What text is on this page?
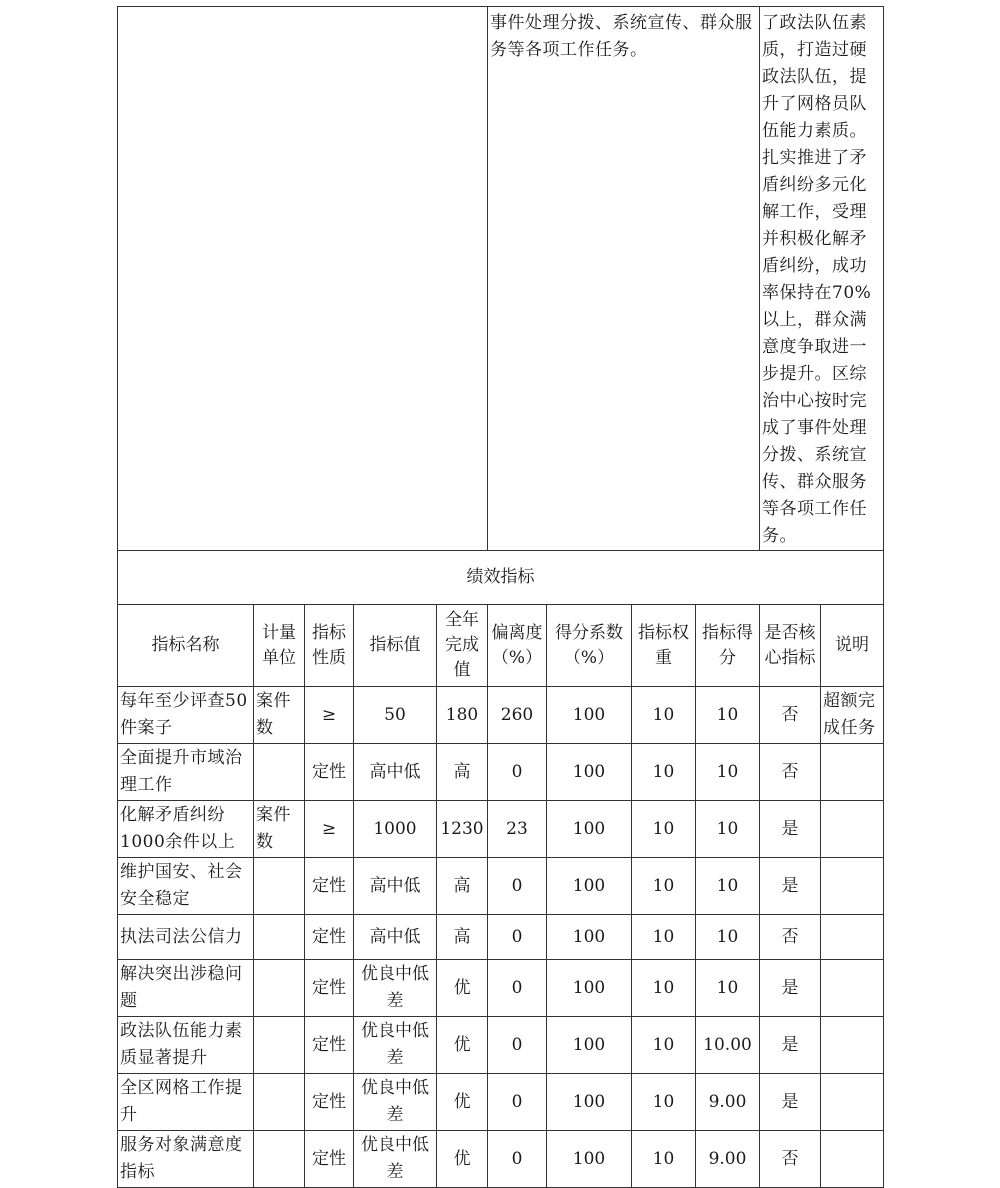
					事件处理分拨、系统宣传、群众服务等各项工作任务。				了政法队伍素质，打造过硬政法队伍，提升了网格员队伍能力素质。扎实推进了矛盾纠纷多元化解工作，受理并积极化解矛盾纠纷，成功率保持在70%以上，群众满意度争取进一步提升。区综治中心按时完成了事件处理分拨、系统宣传、群众服务等各项工作任务。	
绩效指标										
指标名称	计量单位	指标性质	指标值	全年完成值	偏离度（%）	得分系数（%）	指标权重	指标得分	是否核心指标	说明
每年至少评查50件案子	案件数	≥	50	180	260	100	10	10	否	超额完成任务
全面提升市域治理工作		定性	高中低	高	0	100	10	10	否	
化解矛盾纠纷1000余件以上	案件数	≥	1000	1230	23	100	10	10	是	
维护国安、社会安全稳定		定性	高中低	高	0	100	10	10	是	
执法司法公信力		定性	高中低	高	0	100	10	10	否	
解决突出涉稳问题		定性	优良中低差	优	0	100	10	10	是	
政法队伍能力素质显著提升		定性	优良中低差	优	0	100	10	10.00	是	
全区网格工作提升		定性	优良中低差	优	0	100	10	9.00	是	
服务对象满意度指标		定性	优良中低差	优	0	100	10	9.00	否	
